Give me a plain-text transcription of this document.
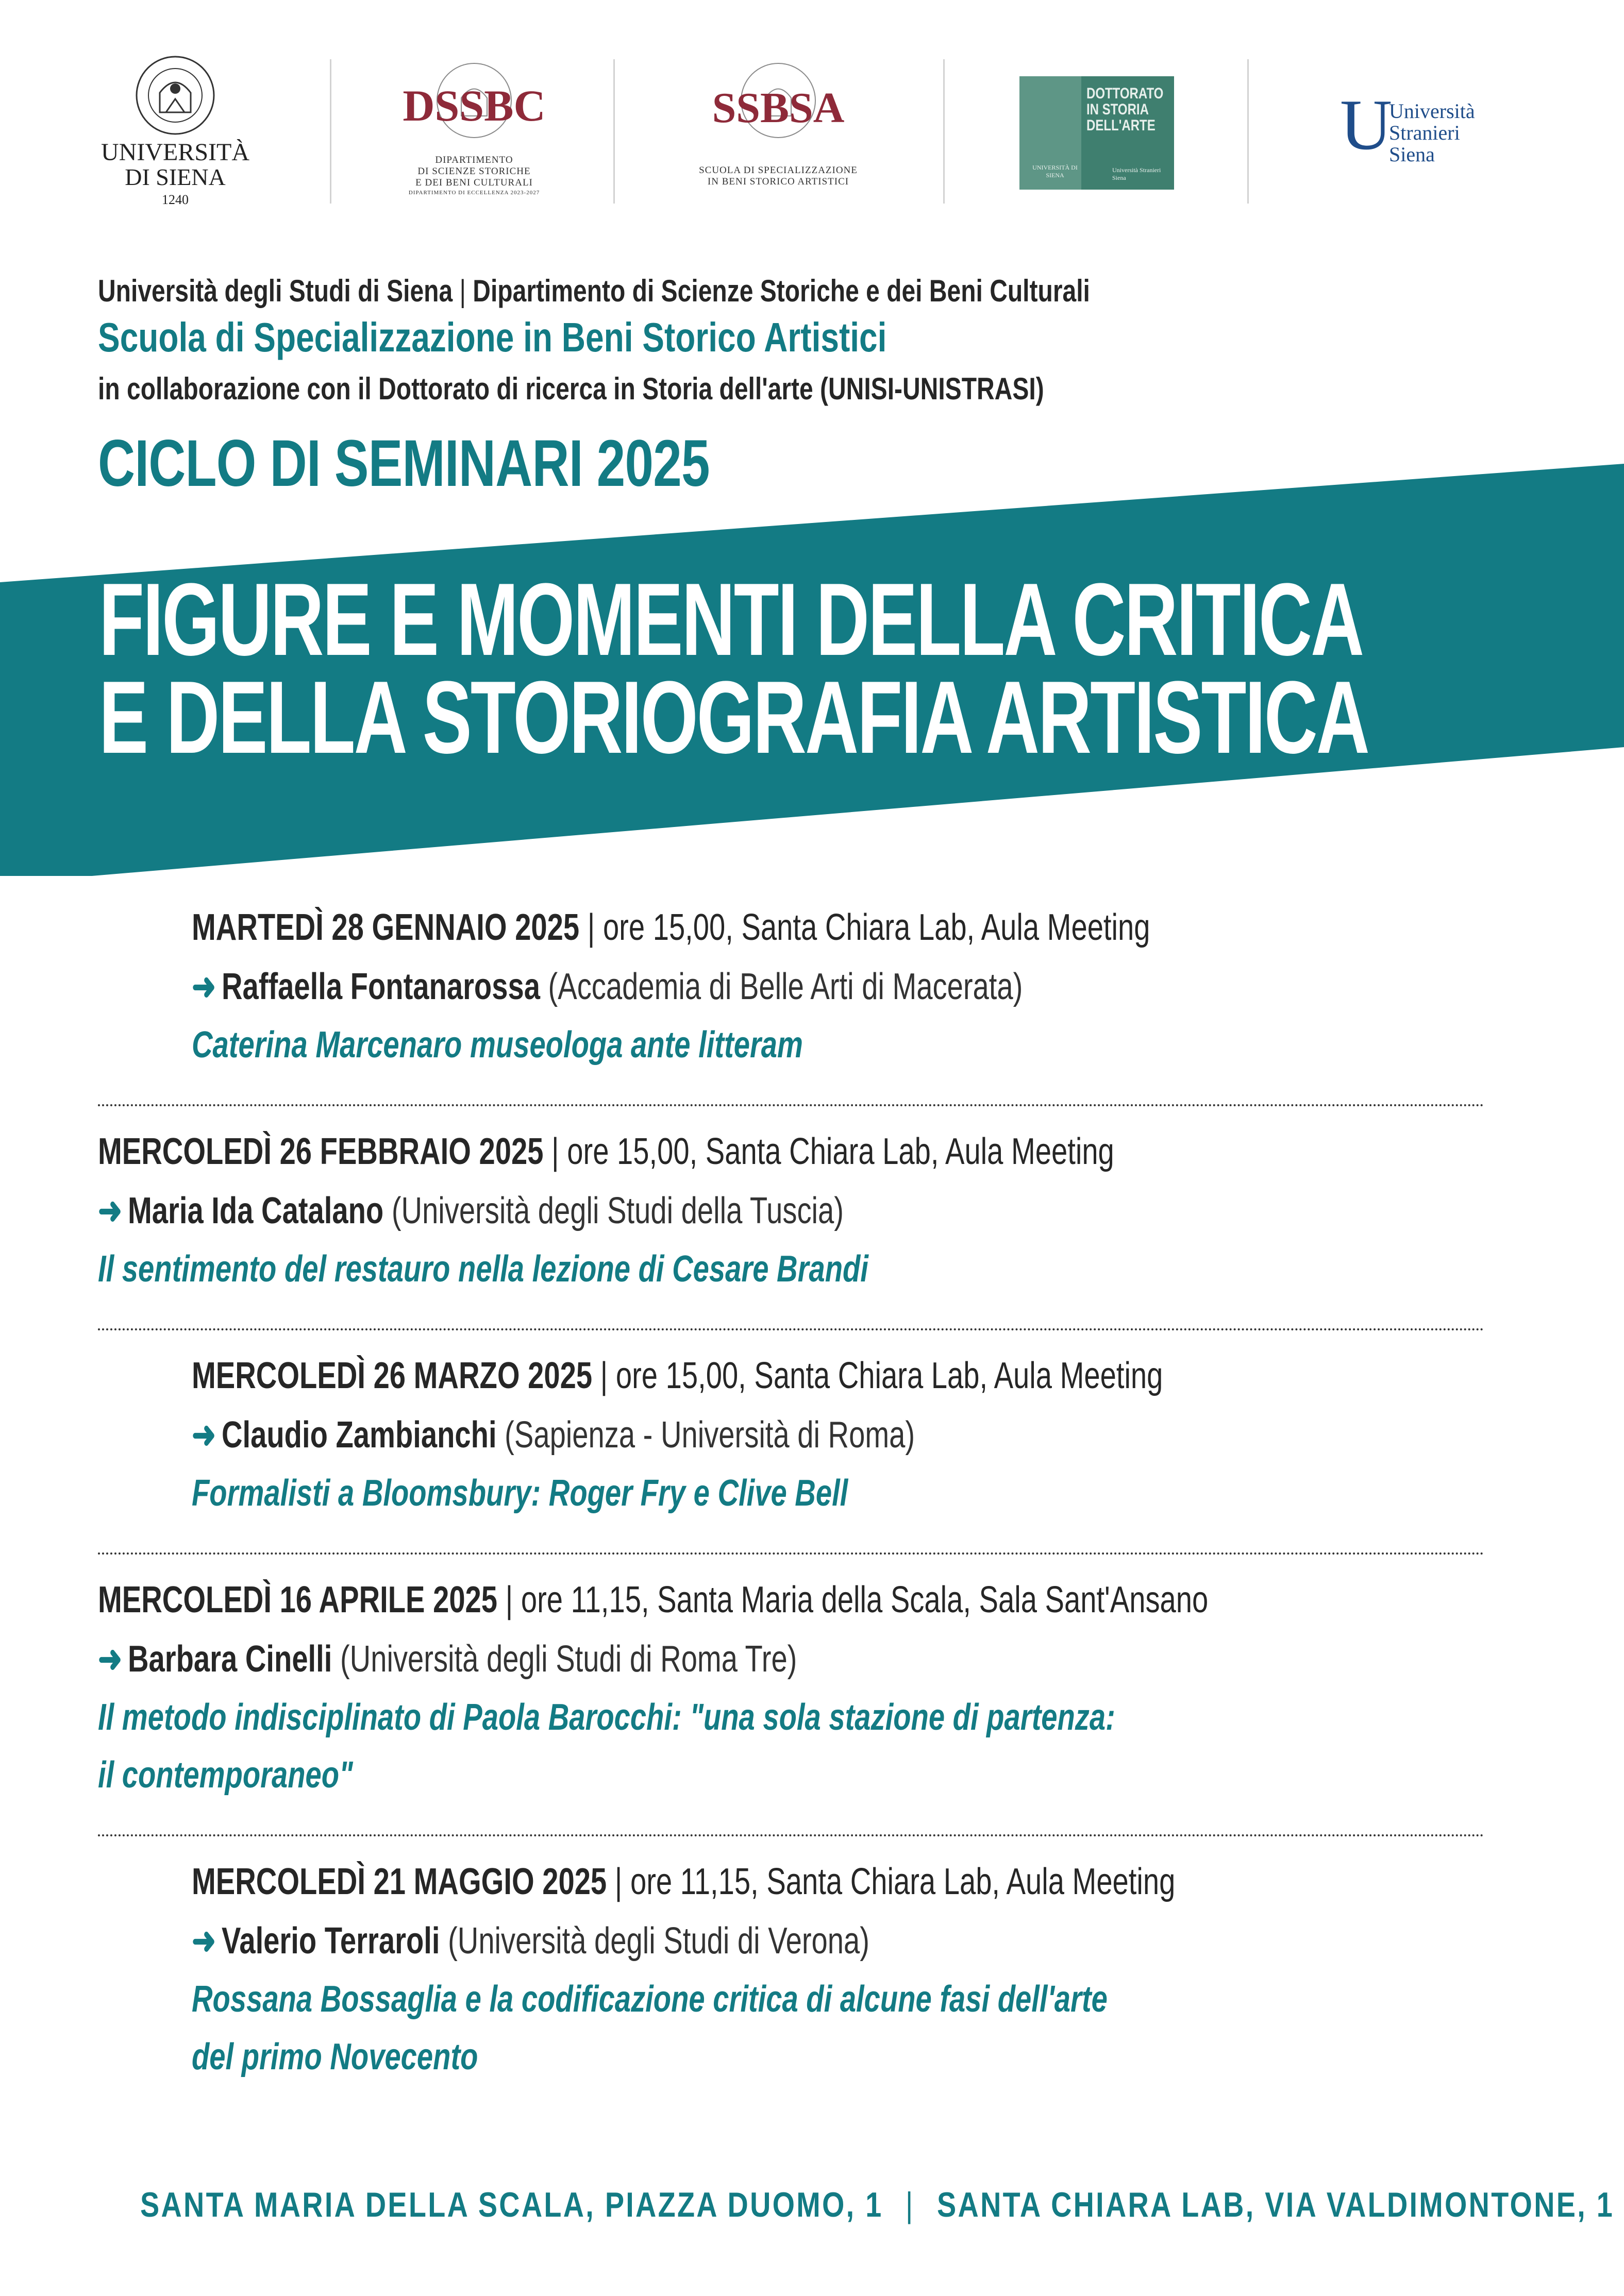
UNIVERSITÀ
DI SIENA
1240
DSSBC
DIPARTIMENTO
DI SCIENZE STORICHE
E DEI BENI CULTURALI
DIPARTIMENTO DI ECCELLENZA 2023-2027
SSBSA
SCUOLA DI SPECIALIZZAZIONE
IN BENI STORICO ARTISTICI
DOTTORATO
IN STORIA
DELL'ARTE
UNIVERSITÀ DI SIENA
Università Stranieri Siena
U
Università
Stranieri
Siena
Università degli Studi di Siena | Dipartimento di Scienze Storiche e dei Beni Culturali
Scuola di Specializzazione in Beni Storico Artistici
in collaborazione con il Dottorato di ricerca in Storia dell'arte (UNISI-UNISTRASI)
CICLO DI SEMINARI 2025
FIGURE E MOMENTI DELLA CRITICA
E DELLA STORIOGRAFIA ARTISTICA
MARTEDÌ 28 GENNAIO 2025 | ore 15,00, Santa Chiara Lab, Aula Meeting
➜ Raffaella Fontanarossa (Accademia di Belle Arti di Macerata)
Caterina Marcenaro museologa ante litteram
MERCOLEDÌ 26 FEBBRAIO 2025 | ore 15,00, Santa Chiara Lab, Aula Meeting
➜ Maria Ida Catalano (Università degli Studi della Tuscia)
Il sentimento del restauro nella lezione di Cesare Brandi
MERCOLEDÌ 26 MARZO 2025 | ore 15,00, Santa Chiara Lab, Aula Meeting
➜ Claudio Zambianchi (Sapienza - Università di Roma)
Formalisti a Bloomsbury: Roger Fry e Clive Bell
MERCOLEDÌ 16 APRILE 2025 | ore 11,15, Santa Maria della Scala, Sala Sant'Ansano
➜ Barbara Cinelli (Università degli Studi di Roma Tre)
Il metodo indisciplinato di Paola Barocchi: "una sola stazione di partenza:
il contemporaneo"
MERCOLEDÌ 21 MAGGIO 2025 | ore 11,15, Santa Chiara Lab, Aula Meeting
➜ Valerio Terraroli (Università degli Studi di Verona)
Rossana Bossaglia e la codificazione critica di alcune fasi dell'arte
del primo Novecento
SANTA MARIA DELLA SCALA, PIAZZA DUOMO, 1 | SANTA CHIARA LAB, VIA VALDIMONTONE, 1
